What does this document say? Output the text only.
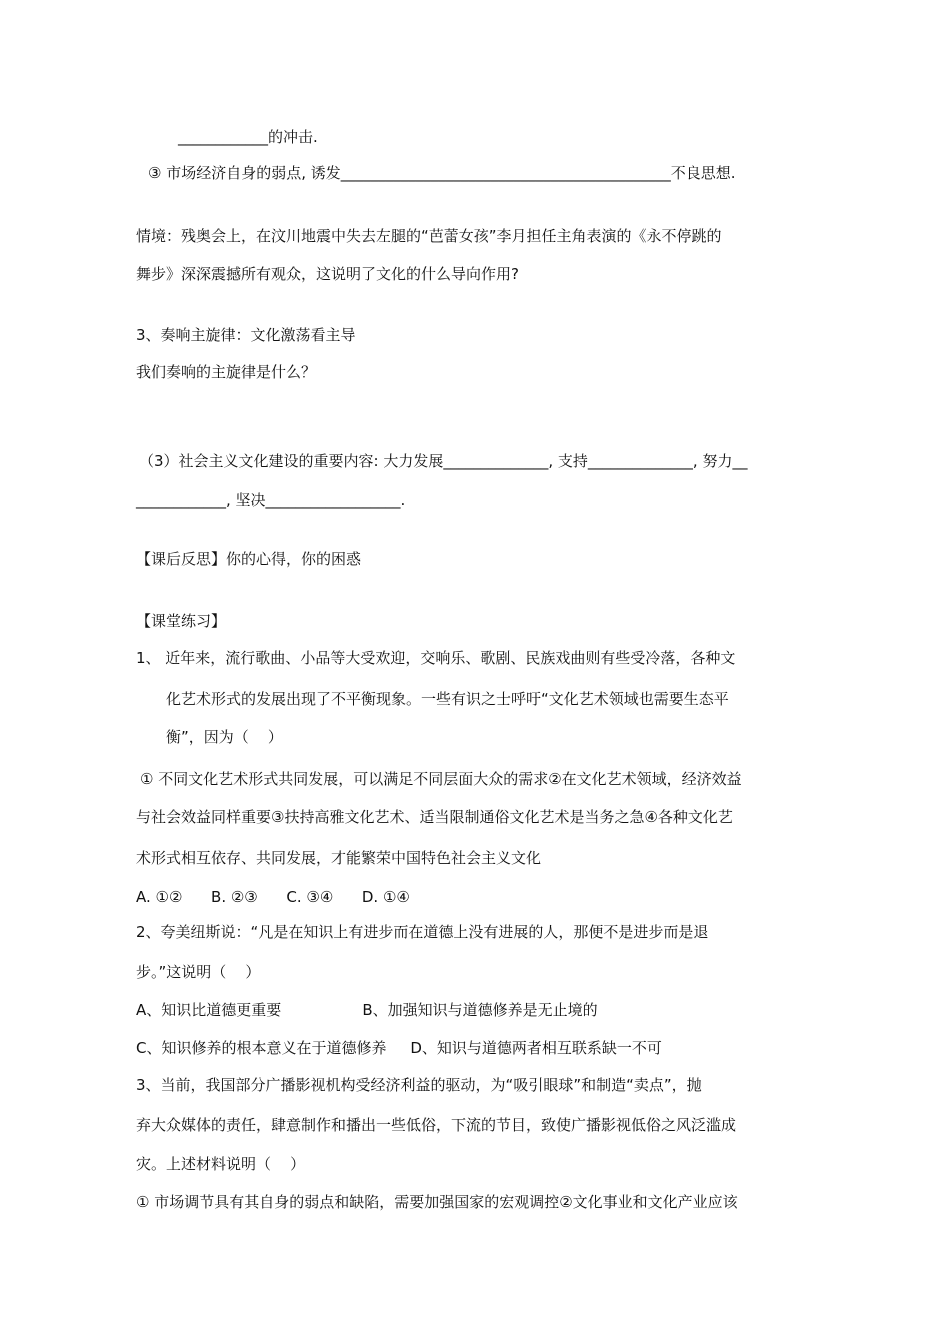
____________的冲击.
③ 市场经济自身的弱点, 诱发____________________________________________不良思想.
情境：残奥会上，在汶川地震中失去左腿的“芭蕾女孩”李月担任主角表演的《永不停跳的
舞步》深深震撼所有观众，这说明了文化的什么导向作用?
3、奏响主旋律：文化激荡看主导
我们奏响的主旋律是什么？
（3）社会主义文化建设的重要内容: 大力发展______________, 支持______________, 努力__
____________, 坚决__________________.
【课后反思】你的心得，你的困惑
【课堂练习】
1、 近年来，流行歌曲、小品等大受欢迎，交响乐、歌剧、民族戏曲则有些受冷落，各种文
化艺术形式的发展出现了不平衡现象。一些有识之士呼吁“文化艺术领域也需要生态平
衡”，因为（    ）
① 不同文化艺术形式共同发展，可以满足不同层面大众的需求②在文化艺术领域，经济效益
与社会效益同样重要③扶持高雅文化艺术、适当限制通俗文化艺术是当务之急④各种文化艺
术形式相互依存、共同发展，才能繁荣中国特色社会主义文化
A. ①②      B. ②③      C. ③④      D. ①④
2、夸美纽斯说：“凡是在知识上有进步而在道德上没有进展的人，那便不是进步而是退
步。”这说明（    ）
A、知识比道德更重要                 B、加强知识与道德修养是无止境的
C、知识修养的根本意义在于道德修养     D、知识与道德两者相互联系缺一不可
3、当前，我国部分广播影视机构受经济利益的驱动，为“吸引眼球”和制造“卖点”，抛
弃大众媒体的责任，肆意制作和播出一些低俗，下流的节目，致使广播影视低俗之风泛滥成
灾。上述材料说明（    ）
① 市场调节具有其自身的弱点和缺陷，需要加强国家的宏观调控②文化事业和文化产业应该
